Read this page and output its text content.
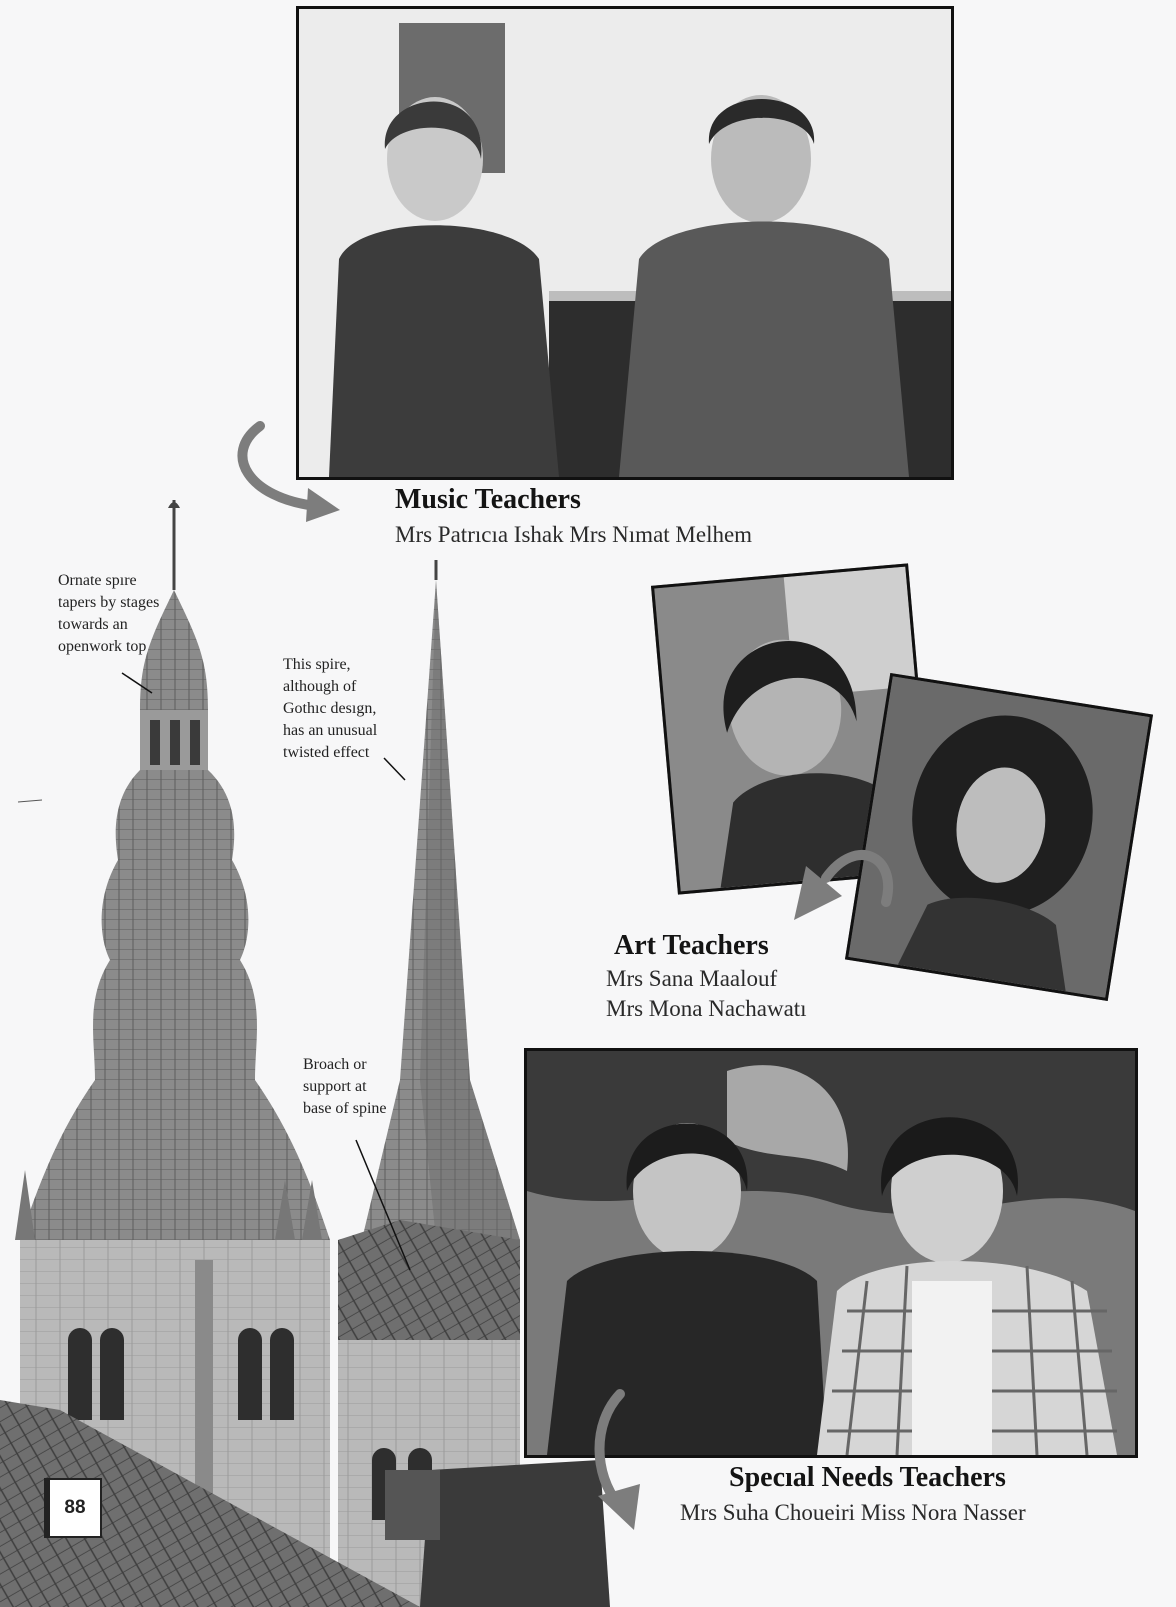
Ornate spıre tapers by stages towards an openwork top
This spire, although of Gothıc desıgn, has an unusual twisted effect
Broach or support at base of spine
Music Teachers
Mrs Patrıcıa Ishak Mrs Nımat Melhem
Art Teachers
Mrs Sana Maalouf
Mrs Mona Nachawatı
Specıal Needs Teachers
Mrs Suha Choueiri Miss Nora Nasser
88
